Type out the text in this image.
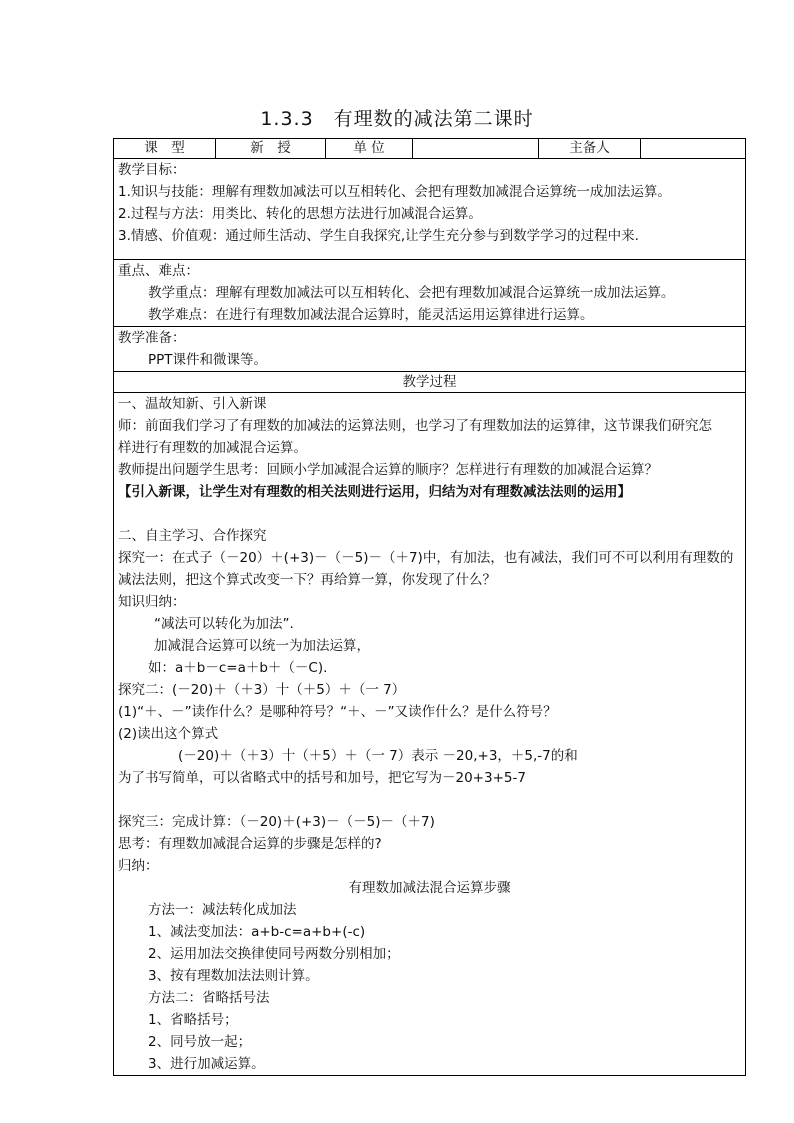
1.3.3　有理数的减法第二课时
课　型	新　授	单 位		主备人	

教学目标：
1.知识与技能：理解有理数加减法可以互相转化、会把有理数加减混合运算统一成加法运算。
2.过程与方法：用类比、转化的思想方法进行加减混合运算。
3.情感、价值观：通过师生活动、学生自我探究,让学生充分参与到数学学习的过程中来.

重点、难点：
教学重点：理解有理数加减法可以互相转化、会把有理数加减混合运算统一成加法运算。
教学难点：在进行有理数加减法混合运算时，能灵活运用运算律进行运算。

教学准备：
PPT课件和微课等。

教学过程

一、温故知新、引入新课
师：前面我们学习了有理数的加减法的运算法则，也学习了有理数加法的运算律，这节课我们研究怎
样进行有理数的加减混合运算。
教师提出问题学生思考：回顾小学加减混合运算的顺序？怎样进行有理数的加减混合运算？
【引入新课，让学生对有理数的相关法则进行运用，归结为对有理数减法法则的运用】
二、自主学习、合作探究
探究一：在式子（－20）＋(+3)－（－5)－（＋7)中，有加法，也有减法，我们可不可以利用有理数的
减法法则，把这个算式改变一下？再给算一算，你发现了什么？
知识归纳：
“减法可以转化为加法”.
加减混合运算可以统一为加法运算，
如：a＋b－c=a＋b＋（－C).
探究二：(－20)＋（＋3）十（＋5）＋（一 7）
(1)“＋、－”读作什么？是哪种符号？“＋、－”又读作什么？是什么符号？
(2)读出这个算式
(－20)＋（＋3）十（＋5）＋（一 7）表示 －20,+3，＋5,-7的和
为了书写简单，可以省略式中的括号和加号，把它写为－20+3+5-7
探究三：完成计算：（－20)＋(+3)－（－5)－（＋7)
思考：有理数加减混合运算的步骤是怎样的?
归纳：
有理数加减法混合运算步骤
方法一：减法转化成加法
1、减法变加法：a+b-c=a+b+(-c)
2、运用加法交换律使同号两数分别相加；
3、按有理数加法法则计算。
方法二：省略括号法
1、省略括号；
2、同号放一起；
3、进行加减运算。
